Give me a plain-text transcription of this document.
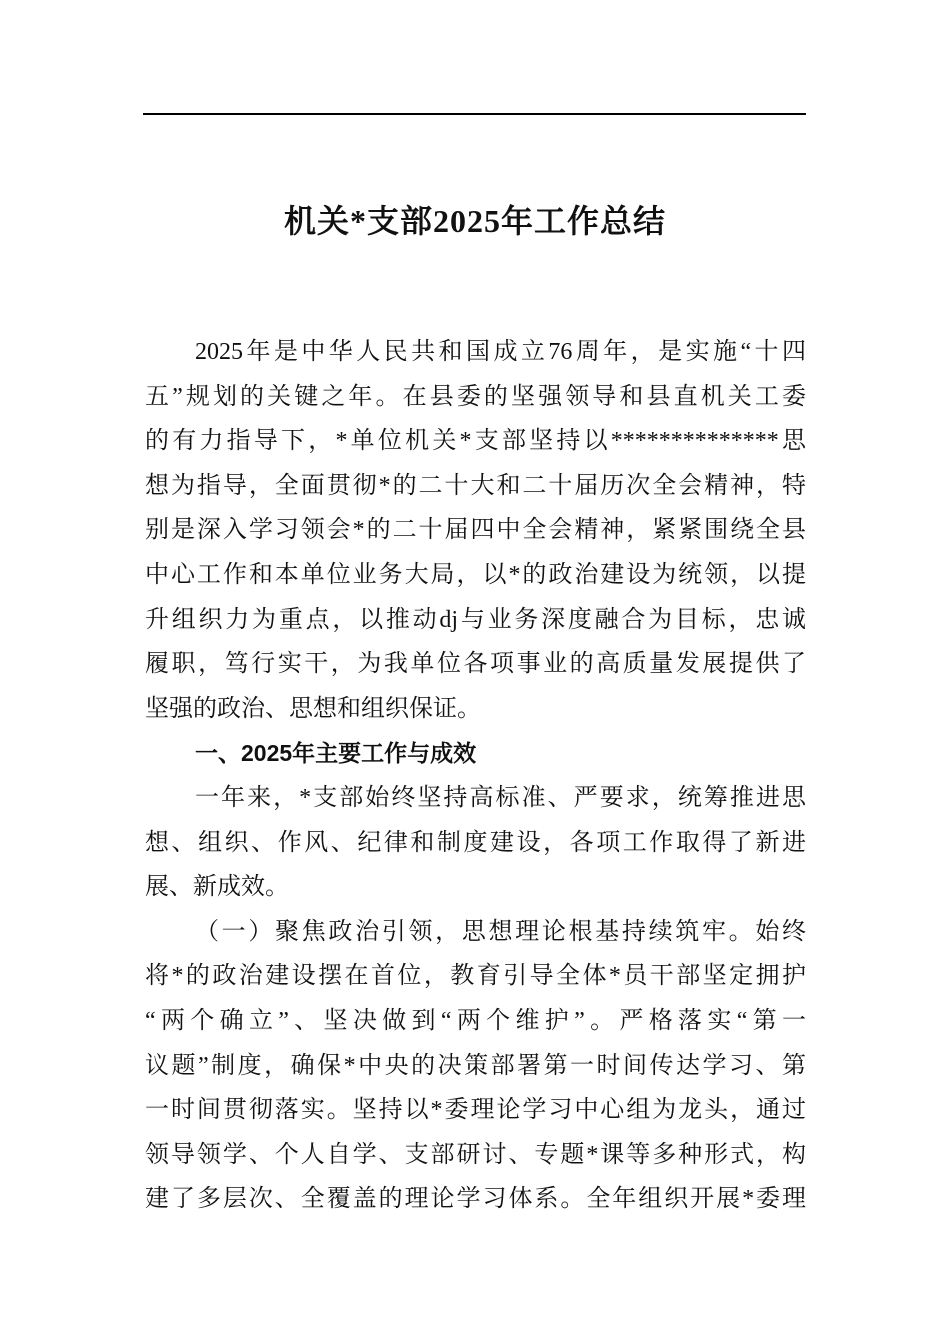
机关*支部2025年工作总结
2025年是中华人民共和国成立76周年，是实施“十四
五”规划的关键之年。在县委的坚强领导和县直机关工委
的有力指导下，*单位机关*支部坚持以**************思
想为指导，全面贯彻*的二十大和二十届历次全会精神，特
别是深入学习领会*的二十届四中全会精神，紧紧围绕全县
中心工作和本单位业务大局，以*的政治建设为统领，以提
升组织力为重点，以推动dj与业务深度融合为目标，忠诚
履职，笃行实干，为我单位各项事业的高质量发展提供了
坚强的政治、思想和组织保证。
一、2025年主要工作与成效
一年来，*支部始终坚持高标准、严要求，统筹推进思
想、组织、作风、纪律和制度建设，各项工作取得了新进
展、新成效。
（一）聚焦政治引领，思想理论根基持续筑牢。始终
将*的政治建设摆在首位，教育引导全体*员干部坚定拥护
“两个确立”、坚决做到“两个维护”。严格落实“第一
议题”制度，确保*中央的决策部署第一时间传达学习、第
一时间贯彻落实。坚持以*委理论学习中心组为龙头，通过
领导领学、个人自学、支部研讨、专题*课等多种形式，构
建了多层次、全覆盖的理论学习体系。全年组织开展*委理
